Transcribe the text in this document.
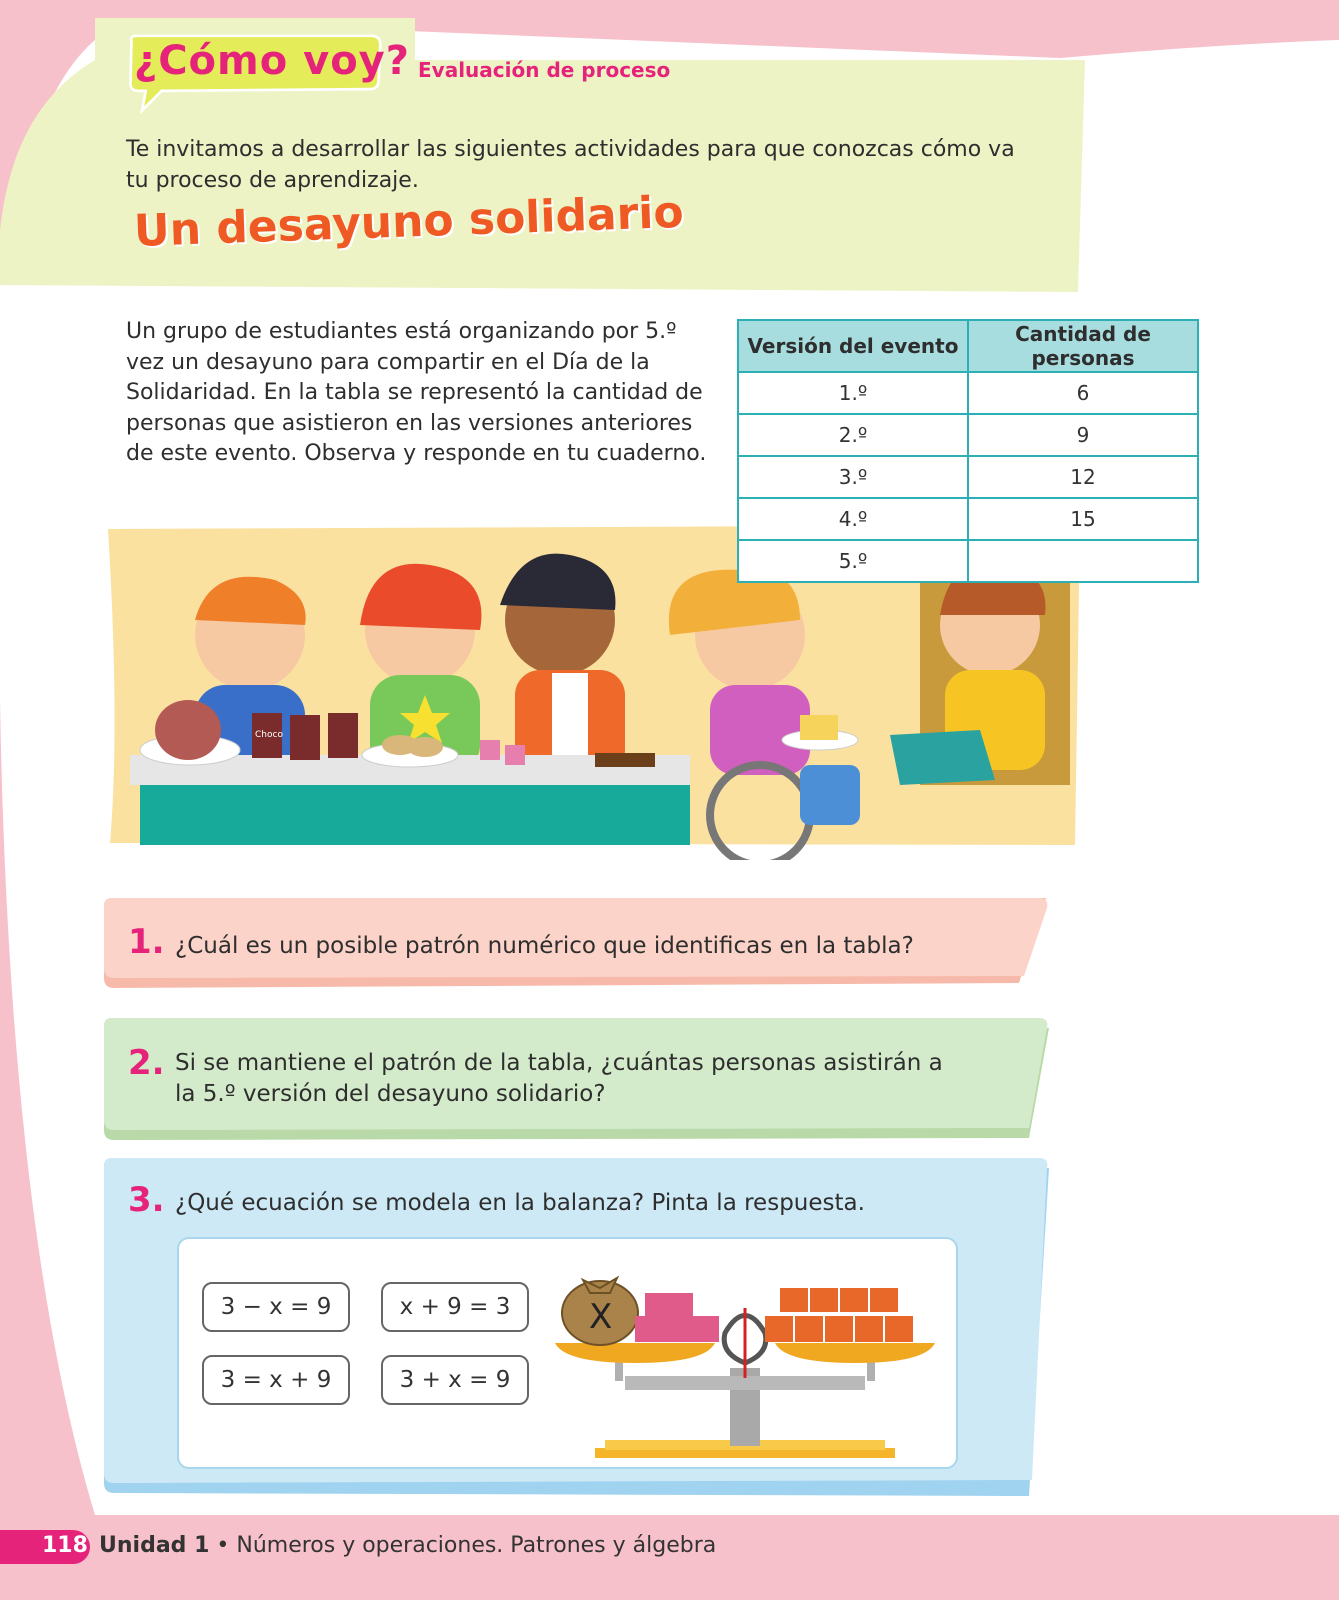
¿Cómo voy? Evaluación de proceso
Te invitamos a desarrollar las siguientes actividades para que conozcas cómo va tu proceso de aprendizaje.
Un desayuno solidario
Un grupo de estudiantes está organizando por 5.º vez un desayuno para compartir en el Día de la Solidaridad. En la tabla se representó la cantidad de personas que asistieron en las versiones anteriores de este evento. Observa y responde en tu cuaderno.
Versión del evento	Cantidad de personas
1.º	6
2.º	9
3.º	12
4.º	15
5.º	
Choco
1. ¿Cuál es un posible patrón numérico que identificas en la tabla?
2. Si se mantiene el patrón de la tabla, ¿cuántas personas asistirán a la 5.º versión del desayuno solidario?
3. ¿Qué ecuación se modela en la balanza? Pinta la respuesta.
3 − x = 9	x + 9 = 3
3 = x + 9	3 + x = 9
X
118 Unidad 1 • Números y operaciones. Patrones y álgebra
